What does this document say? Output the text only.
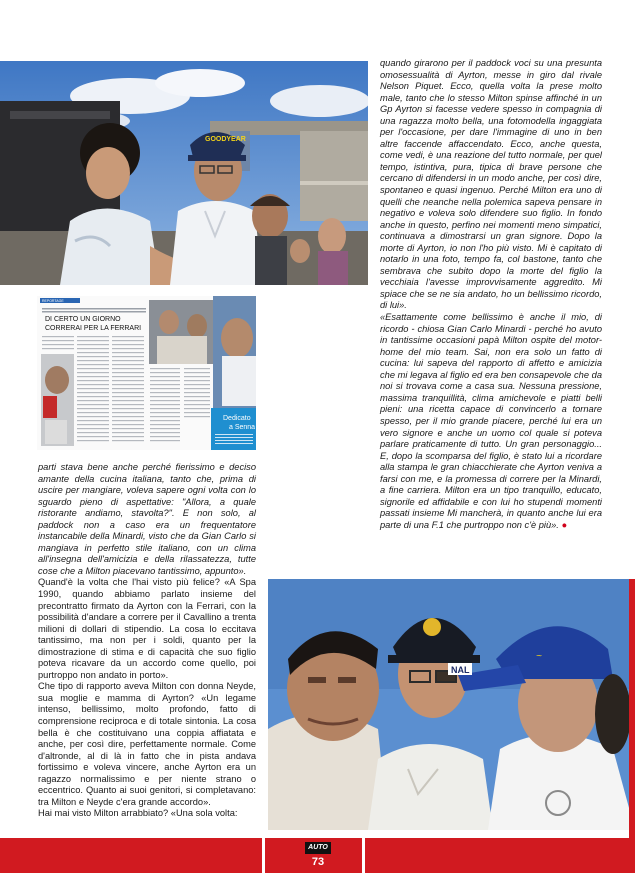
GOODYEAR
REPORTAGE
DI CERTO UN GIORNO
CORRERAI PER LA FERRARI
Dedicato
a Senna

quando girarono per il paddock voci su una presunta omosessualità di Ayrton, messe in giro dal rivale Nelson Piquet. Ecco, quella volta la prese molto male, tanto che lo stesso Milton spinse affinché in un Gp Ayrton si facesse vedere spesso in compagnia di una ragazza molto bella, una fotomodella ingaggiata per l'occasione, per dare l'immagine di uno in ben altre faccende affaccendato. Ecco, anche questa, come vedi, è una reazione del tutto normale, per quel tempo, istintiva, pura, tipica di brave persone che cercano di difendersi in un modo anche, per così dire, spontaneo e quasi ingenuo. Perché Milton era uno di quelli che neanche nella polemica sapeva pensare in negativo e voleva solo difendere suo figlio. In fondo anche in questo, perfino nei momenti meno simpatici, continuava a dimostrarsi un gran signore. Dopo la morte di Ayrton, io non l'ho più visto. Mi è capitato di notarlo in una foto, tempo fa, col bastone, tanto che sembrava che subito dopo la morte del figlio la vecchiaia l'avesse improvvisamente aggredito. Mi spiace che se ne sia andato, ho un bellissimo ricordo, di lui».

«Esattamente come bellissimo è anche il mio, di ricordo - chiosa Gian Carlo Minardi - perché ho avuto in tantissime occasioni papà Milton ospite del motor-home del mio team. Sai, non era solo un fatto di cucina: lui sapeva del rapporto di affetto e amicizia che mi legava al figlio ed era ben consapevole che da noi si trovava come a casa sua. Nessuna pressione, massima tranquillità, clima amichevole e piatti belli pieni: una ricetta capace di convincerlo a tornare spesso, per il mio grande piacere, perché lui era un vero signore e anche un uomo col quale si poteva parlare praticamente di tutto. Un gran personaggio... E, dopo la scomparsa del figlio, è stato lui a ricordare alla stampa le gran chiacchierate che Ayrton veniva a farsi con me, e la promessa di correre per la Minardi, a fine carriera. Milton era un tipo tranquillo, educato, signorile ed affidabile e con lui ho stupendi momenti passati insieme Mi mancherà, in quanto anche lui era parte di una F.1 che purtroppo non c'è più». ●

parti stava bene anche perché fierissimo e deciso amante della cucina italiana, tanto che, prima di uscire per mangiare, voleva sapere ogni volta con lo sguardo pieno di aspettative: "Allora, a quale ristorante andiamo, stavolta?". E non solo, al paddock non a caso era un frequentatore instancabile della Minardi, visto che da Gian Carlo si mangiava in perfetto stile italiano, con un clima all'insegna dell'amicizia e della rilassatezza, tutte cose che a Milton piacevano tantissimo, appunto».

Quand'è la volta che l'hai visto più felice? «A Spa 1990, quando abbiamo parlato insieme del precontratto firmato da Ayrton con la Ferrari, con la possibilità d'andare a correre per il Cavallino a trenta milioni di dollari di stipendio. La cosa lo eccitava tantissimo, ma non per i soldi, quanto per la dimostrazione di stima e di capacità che suo figlio poteva ricavare da un accordo come quello, poi purtroppo non andato in porto».

Che tipo di rapporto aveva Milton con donna Neyde, sua moglie e mamma di Ayrton? «Un legame intenso, bellissimo, molto profondo, fatto di comprensione reciproca e di totale sintonia. La cosa bella è che costituivano una coppia affiatata e anche, per così dire, perfettamente normale. Come d'altronde, al di là in fatto che in pista andava fortissimo e voleva vincere, anche Ayrton era un ragazzo normalissimo e per niente strano o eccentrico. Quanto ai suoi genitori, si completavano: tra Milton e Neyde c'era grande accordo».

Hai mai visto Milton arrabbiato? «Una sola volta:

~
NAL
AUTO
73
